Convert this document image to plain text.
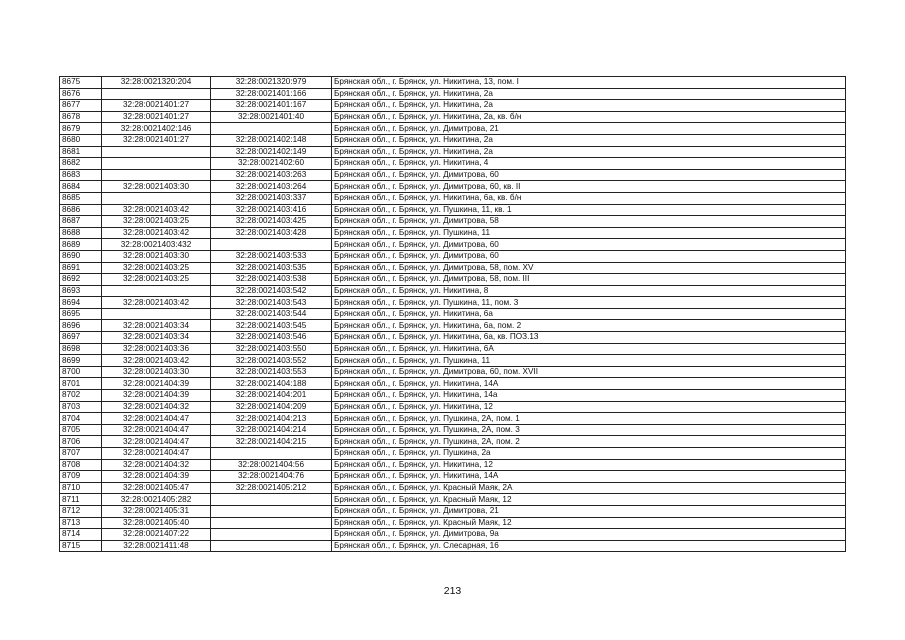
8675	32:28:0021320:204	32:28:0021320:979	Брянская обл., г. Брянск, ул. Никитина, 13, пом. I
8676		32:28:0021401:166	Брянская обл., г. Брянск, ул. Никитина, 2а
8677	32:28:0021401:27	32:28:0021401:167	Брянская обл., г. Брянск, ул. Никитина, 2а
8678	32:28:0021401:27	32:28:0021401:40	Брянская обл., г. Брянск, ул. Никитина, 2а, кв. б/н
8679	32:28:0021402:146		Брянская обл., г. Брянск, ул. Димитрова, 21
8680	32:28:0021401:27	32:28:0021402:148	Брянская обл., г. Брянск, ул. Никитина, 2а
8681		32:28:0021402:149	Брянская обл., г. Брянск, ул. Никитина, 2а
8682		32:28:0021402:60	Брянская обл., г. Брянск, ул. Никитина, 4
8683		32:28:0021403:263	Брянская обл., г. Брянск, ул. Димитрова, 60
8684	32:28:0021403:30	32:28:0021403:264	Брянская обл., г. Брянск, ул. Димитрова, 60, кв. II
8685		32:28:0021403:337	Брянская обл., г. Брянск, ул. Никитина, 6а, кв. б/н
8686	32:28:0021403:42	32:28:0021403:416	Брянская обл., г. Брянск, ул. Пушкина, 11, кв. 1
8687	32:28:0021403:25	32:28:0021403:425	Брянская обл., г. Брянск, ул. Димитрова, 58
8688	32:28:0021403:42	32:28:0021403:428	Брянская обл., г. Брянск, ул. Пушкина, 11
8689	32:28:0021403:432		Брянская обл., г. Брянск, ул. Димитрова, 60
8690	32:28:0021403:30	32:28:0021403:533	Брянская обл., г. Брянск, ул. Димитрова, 60
8691	32:28:0021403:25	32:28:0021403:535	Брянская обл., г. Брянск, ул. Димитрова, 58, пом. XV
8692	32:28:0021403:25	32:28:0021403:538	Брянская обл., г. Брянск, ул. Димитрова, 58, пом. III
8693		32:28:0021403:542	Брянская обл., г. Брянск, ул. Никитина, 8
8694	32:28:0021403:42	32:28:0021403:543	Брянская обл., г. Брянск, ул. Пушкина, 11, пом. 3
8695		32:28:0021403:544	Брянская обл., г. Брянск, ул. Никитина, 6а
8696	32:28:0021403:34	32:28:0021403:545	Брянская обл., г. Брянск, ул. Никитина, 6а, пом. 2
8697	32:28:0021403:34	32:28:0021403:546	Брянская обл., г. Брянск, ул. Никитина, 6а, кв. ПОЗ.13
8698	32:28:0021403:36	32:28:0021403:550	Брянская обл., г. Брянск, ул. Никитина, 6А
8699	32:28:0021403:42	32:28:0021403:552	Брянская обл., г. Брянск, ул. Пушкина, 11
8700	32:28:0021403:30	32:28:0021403:553	Брянская обл., г. Брянск, ул. Димитрова, 60, пом. XVII
8701	32:28:0021404:39	32:28:0021404:188	Брянская обл., г. Брянск, ул. Никитина, 14А
8702	32:28:0021404:39	32:28:0021404:201	Брянская обл., г. Брянск, ул. Никитина, 14а
8703	32:28:0021404:32	32:28:0021404:209	Брянская обл., г. Брянск, ул. Никитина, 12
8704	32:28:0021404:47	32:28:0021404:213	Брянская обл., г. Брянск, ул. Пушкина, 2А, пом. 1
8705	32:28:0021404:47	32:28:0021404:214	Брянская обл., г. Брянск, ул. Пушкина, 2А, пом. 3
8706	32:28:0021404:47	32:28:0021404:215	Брянская обл., г. Брянск, ул. Пушкина, 2А, пом. 2
8707	32:28:0021404:47		Брянская обл., г. Брянск, ул. Пушкина, 2а
8708	32:28:0021404:32	32:28:0021404:56	Брянская обл., г. Брянск, ул. Никитина, 12
8709	32:28:0021404:39	32:28:0021404:76	Брянская обл., г. Брянск, ул. Никитина, 14А
8710	32:28:0021405:47	32:28:0021405:212	Брянская обл., г. Брянск, ул. Красный Маяк, 2А
8711	32:28:0021405:282		Брянская обл., г. Брянск, ул. Красный Маяк, 12
8712	32:28:0021405:31		Брянская обл., г. Брянск, ул. Димитрова, 21
8713	32:28:0021405:40		Брянская обл., г. Брянск, ул. Красный Маяк, 12
8714	32:28:0021407:22		Брянская обл., г. Брянск, ул. Димитрова, 9а
8715	32:28:0021411:48		Брянская обл., г. Брянск, ул. Слесарная, 16
213
